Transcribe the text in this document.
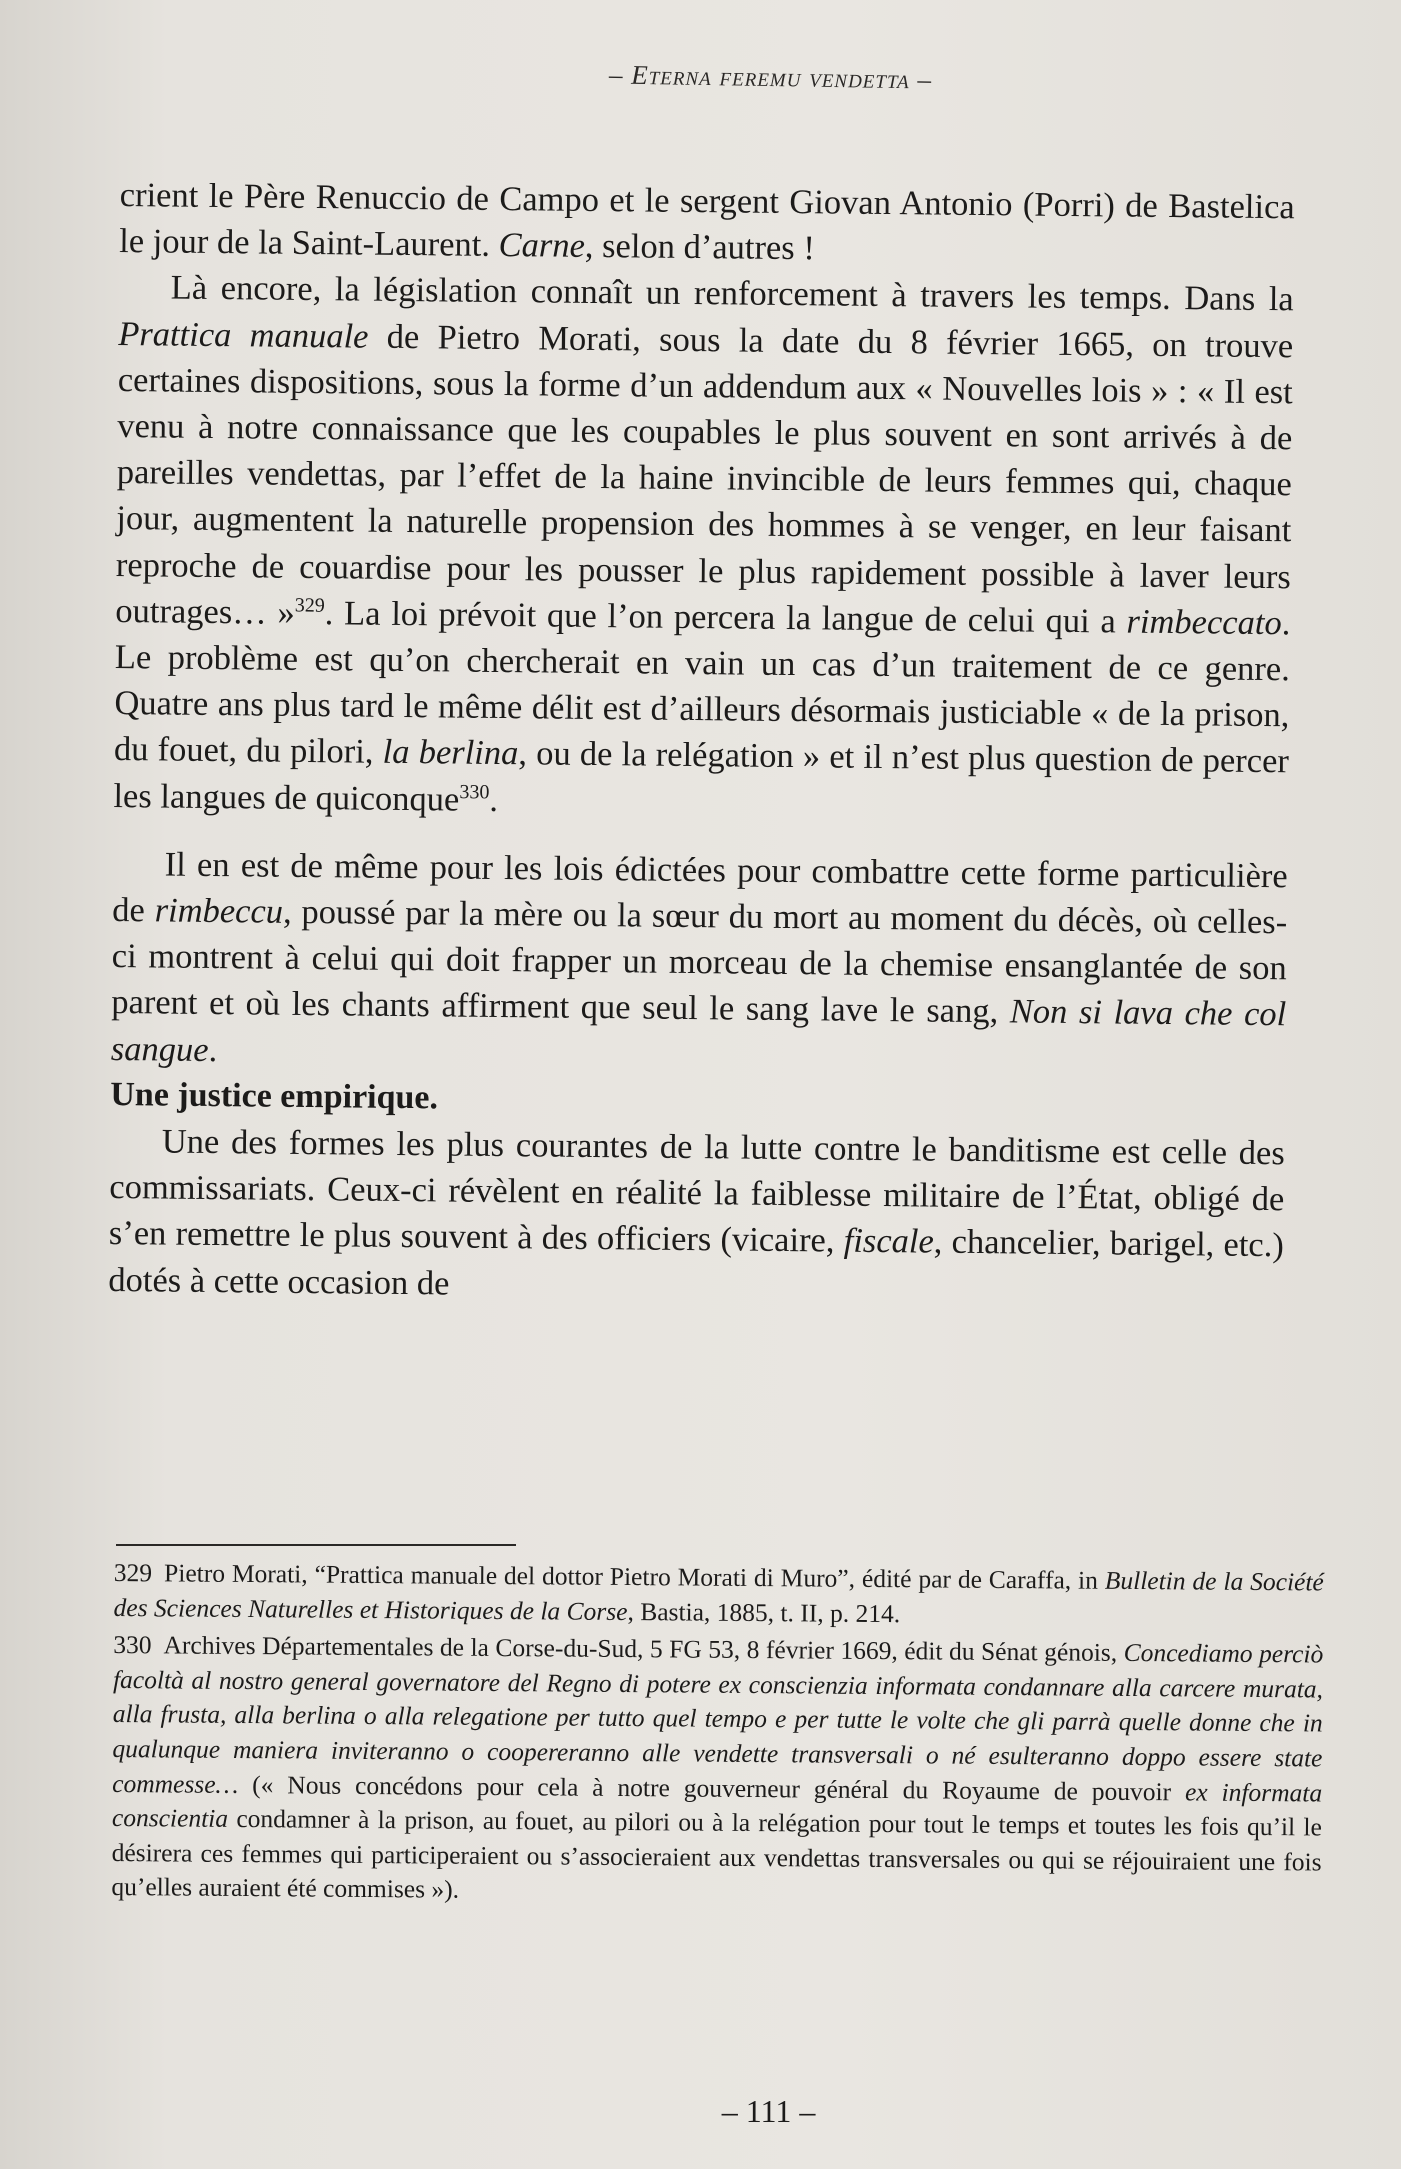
– Eterna feremu vendetta –

crient le Père Renuccio de Campo et le sergent Giovan Antonio (Porri) de Bastelica le jour de la Saint-Laurent. Carne, selon d’autres !

Là encore, la législation connaît un renforcement à travers les temps. Dans la Prattica manuale de Pietro Morati, sous la date du 8 février 1665, on trouve certaines dispositions, sous la forme d’un addendum aux « Nouvelles lois » : « Il est venu à notre connaissance que les coupables le plus souvent en sont arrivés à de pareilles vendettas, par l’effet de la haine invincible de leurs femmes qui, chaque jour, augmentent la naturelle propension des hommes à se venger, en leur faisant reproche de couardise pour les pousser le plus rapidement possible à laver leurs outrages… »$^{329}$. La loi prévoit que l’on percera la langue de celui qui a rimbeccato. Le problème est qu’on chercherait en vain un cas d’un traitement de ce genre. Quatre ans plus tard le même délit est d’ailleurs désormais justiciable « de la prison, du fouet, du pilori, la berlina, ou de la relégation » et il n’est plus question de percer les langues de quiconque$^{330}$.

Il en est de même pour les lois édictées pour combattre cette forme particulière de rimbeccu, poussé par la mère ou la sœur du mort au moment du décès, où celles-ci montrent à celui qui doit frapper un morceau de la chemise ensanglantée de son parent et où les chants affirment que seul le sang lave le sang, Non si lava che col sangue.

Une justice empirique.

Une des formes les plus courantes de la lutte contre le banditisme est celle des commissariats. Ceux-ci révèlent en réalité la faiblesse militaire de l’État, obligé de s’en remettre le plus souvent à des officiers (vicaire, fiscale, chancelier, barigel, etc.) dotés à cette occasion de

329 Pietro Morati, “Prattica manuale del dottor Pietro Morati di Muro”, édité par de Caraffa, in Bulletin de la Société des Sciences Naturelles et Historiques de la Corse, Bastia, 1885, t. II, p. 214.

330 Archives Départementales de la Corse-du-Sud, 5 FG 53, 8 février 1669, édit du Sénat génois, Concediamo perciò facoltà al nostro general governatore del Regno di potere ex conscienzia informata condannare alla carcere murata, alla frusta, alla berlina o alla relegatione per tutto quel tempo e per tutte le volte che gli parrà quelle donne che in qualunque maniera inviteranno o coopereranno alle vendette transversali o né esulteranno doppo essere state commesse… (« Nous concédons pour cela à notre gouverneur général du Royaume de pouvoir ex informata conscientia condamner à la prison, au fouet, au pilori ou à la relégation pour tout le temps et toutes les fois qu’il le désirera ces femmes qui participeraient ou s’associeraient aux vendettas transversales ou qui se réjouiraient une fois qu’elles auraient été commises »).

– 111 –
